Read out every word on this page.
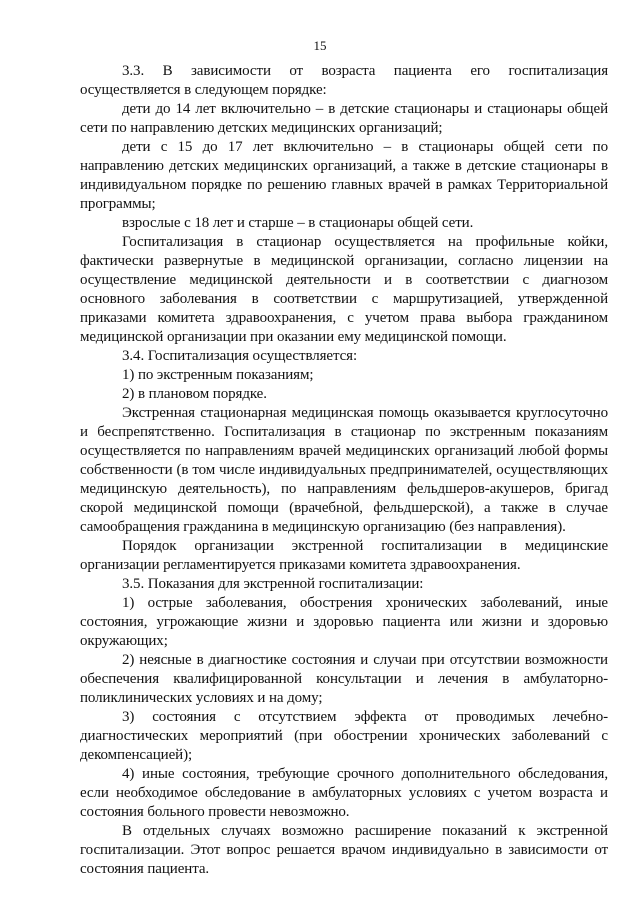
15

3.3. В зависимости от возраста пациента его госпитализация осуществляется в следующем порядке:

дети до 14 лет включительно – в детские стационары и стационары общей сети по направлению детских медицинских организаций;

дети с 15 до 17 лет включительно – в стационары общей сети по направлению детских медицинских организаций, а также в детские стационары в индивидуальном порядке по решению главных врачей в рамках Территориальной программы;

взрослые с 18 лет и старше – в стационары общей сети.

Госпитализация в стационар осуществляется на профильные койки, фактически развернутые в медицинской организации, согласно лицензии на осуществление медицинской деятельности и в соответствии с диагнозом основного заболевания в соответствии с маршрутизацией, утвержденной приказами комитета здравоохранения, с учетом права выбора гражданином медицинской организации при оказании ему медицинской помощи.

3.4. Госпитализация осуществляется:

1) по экстренным показаниям;

2) в плановом порядке.

Экстренная стационарная медицинская помощь оказывается круглосуточно и беспрепятственно. Госпитализация в стационар по экстренным показаниям осуществляется по направлениям врачей медицинских организаций любой формы собственности (в том числе индивидуальных предпринимателей, осуществляющих медицинскую деятельность), по направлениям фельдшеров-акушеров, бригад скорой медицинской помощи (врачебной, фельдшерской), а также в случае самообращения гражданина в медицинскую организацию (без направления).

Порядок организации экстренной госпитализации в медицинские организации регламентируется приказами комитета здравоохранения.

3.5. Показания для экстренной госпитализации:

1) острые заболевания, обострения хронических заболеваний, иные состояния, угрожающие жизни и здоровью пациента или жизни и здоровью окружающих;

2) неясные в диагностике состояния и случаи при отсутствии возможности обеспечения квалифицированной консультации и лечения в амбулаторно-поликлинических условиях и на дому;

3) состояния с отсутствием эффекта от проводимых лечебно-диагностических мероприятий (при обострении хронических заболеваний с декомпенсацией);

4) иные состояния, требующие срочного дополнительного обследования, если необходимое обследование в амбулаторных условиях с учетом возраста и состояния больного провести невозможно.

В отдельных случаях возможно расширение показаний к экстренной госпитализации. Этот вопрос решается врачом индивидуально в зависимости от состояния пациента.
